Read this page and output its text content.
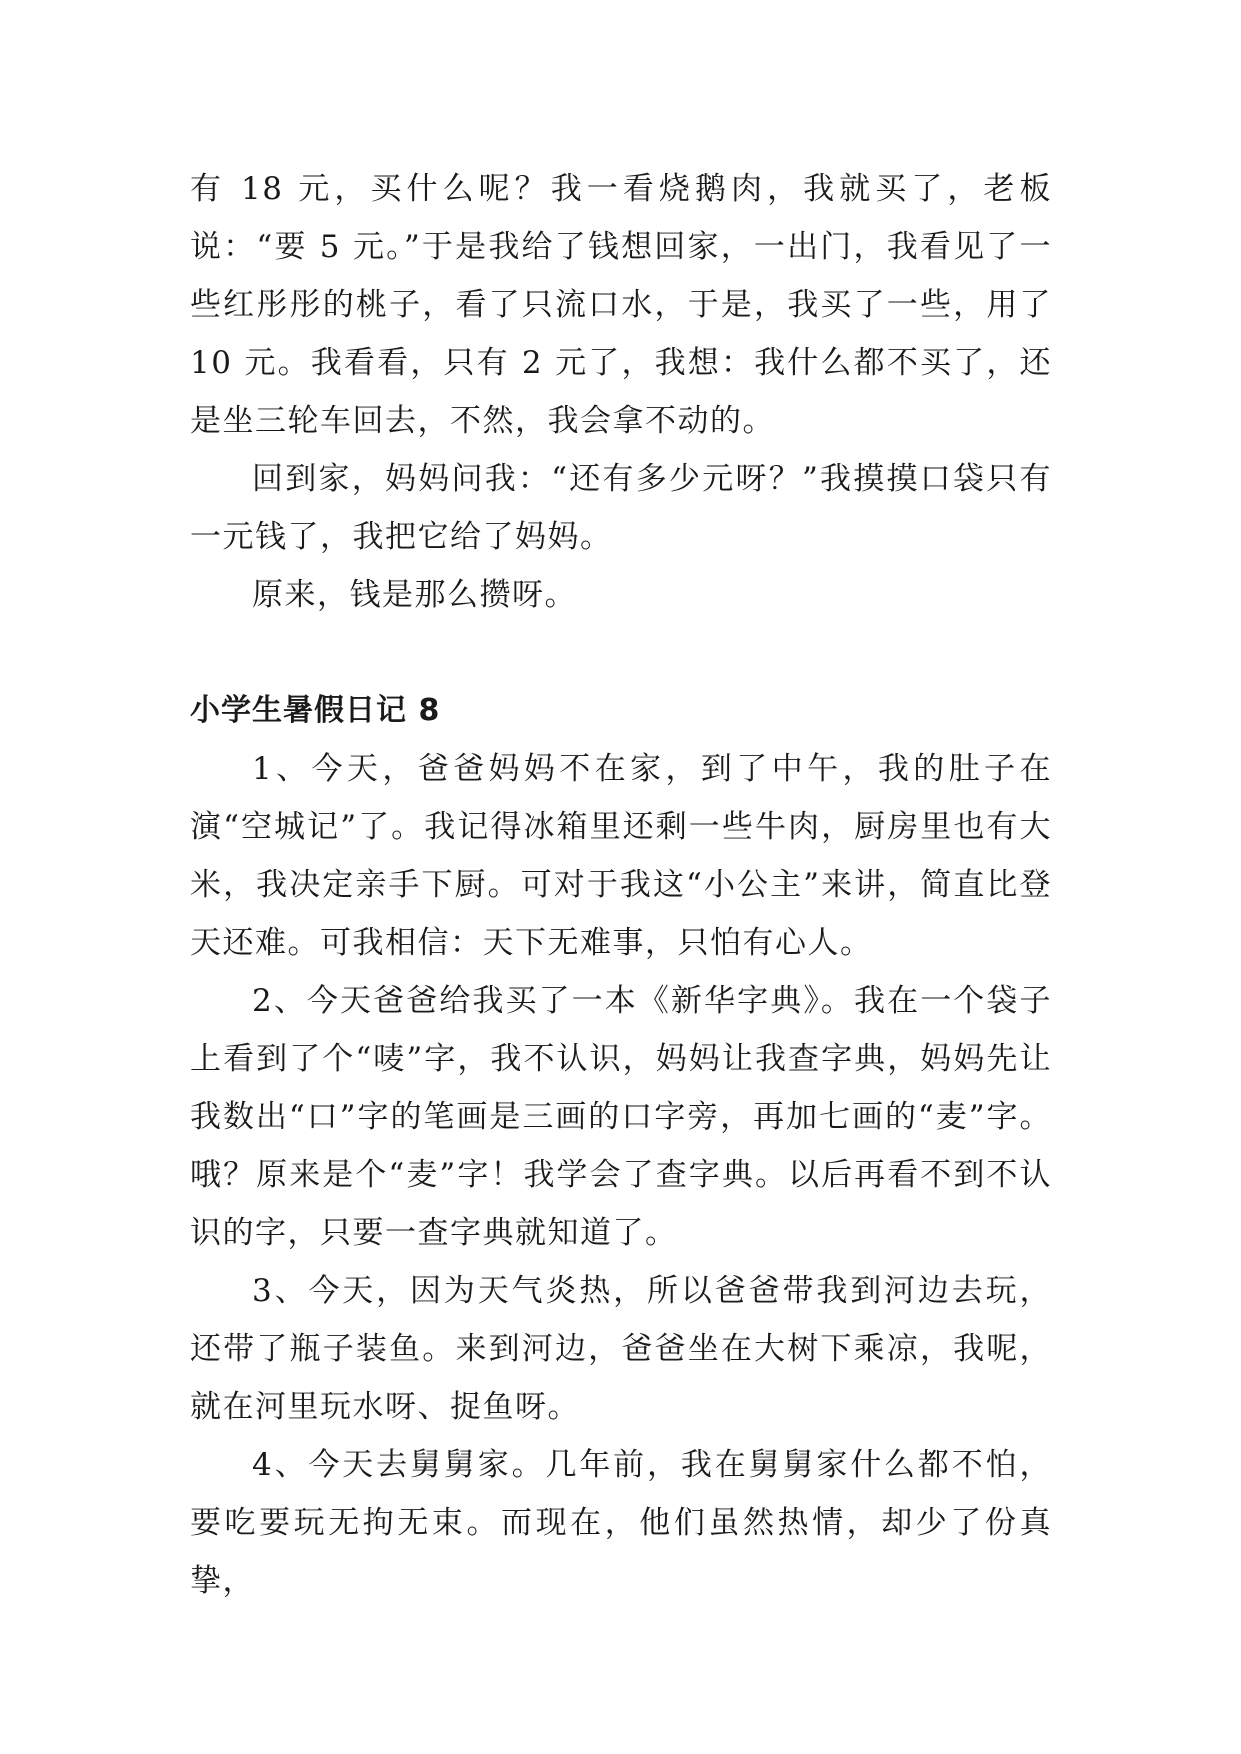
有 18 元，买什么呢？我一看烧鹅肉，我就买了，老板说：“要 5 元。”于是我给了钱想回家，一出门，我看见了一些红彤彤的桃子，看了只流口水，于是，我买了一些，用了 10 元。我看看，只有 2 元了，我想：我什么都不买了，还是坐三轮车回去，不然，我会拿不动的。

回到家，妈妈问我：“还有多少元呀？”我摸摸口袋只有一元钱了，我把它给了妈妈。

原来，钱是那么攒呀。

小学生暑假日记 8

1、今天，爸爸妈妈不在家，到了中午，我的肚子在演“空城记”了。我记得冰箱里还剩一些牛肉，厨房里也有大米，我决定亲手下厨。可对于我这“小公主”来讲，简直比登天还难。可我相信：天下无难事，只怕有心人。

2、今天爸爸给我买了一本《新华字典》。我在一个袋子上看到了个“唛”字，我不认识，妈妈让我查字典，妈妈先让我数出“口”字的笔画是三画的口字旁，再加七画的“麦”字。哦？原来是个“麦”字！我学会了查字典。以后再看不到不认识的字，只要一查字典就知道了。

3、今天，因为天气炎热，所以爸爸带我到河边去玩，还带了瓶子装鱼。来到河边，爸爸坐在大树下乘凉，我呢，就在河里玩水呀、捉鱼呀。

4、今天去舅舅家。几年前，我在舅舅家什么都不怕，要吃要玩无拘无束。而现在，他们虽然热情，却少了份真挚，
